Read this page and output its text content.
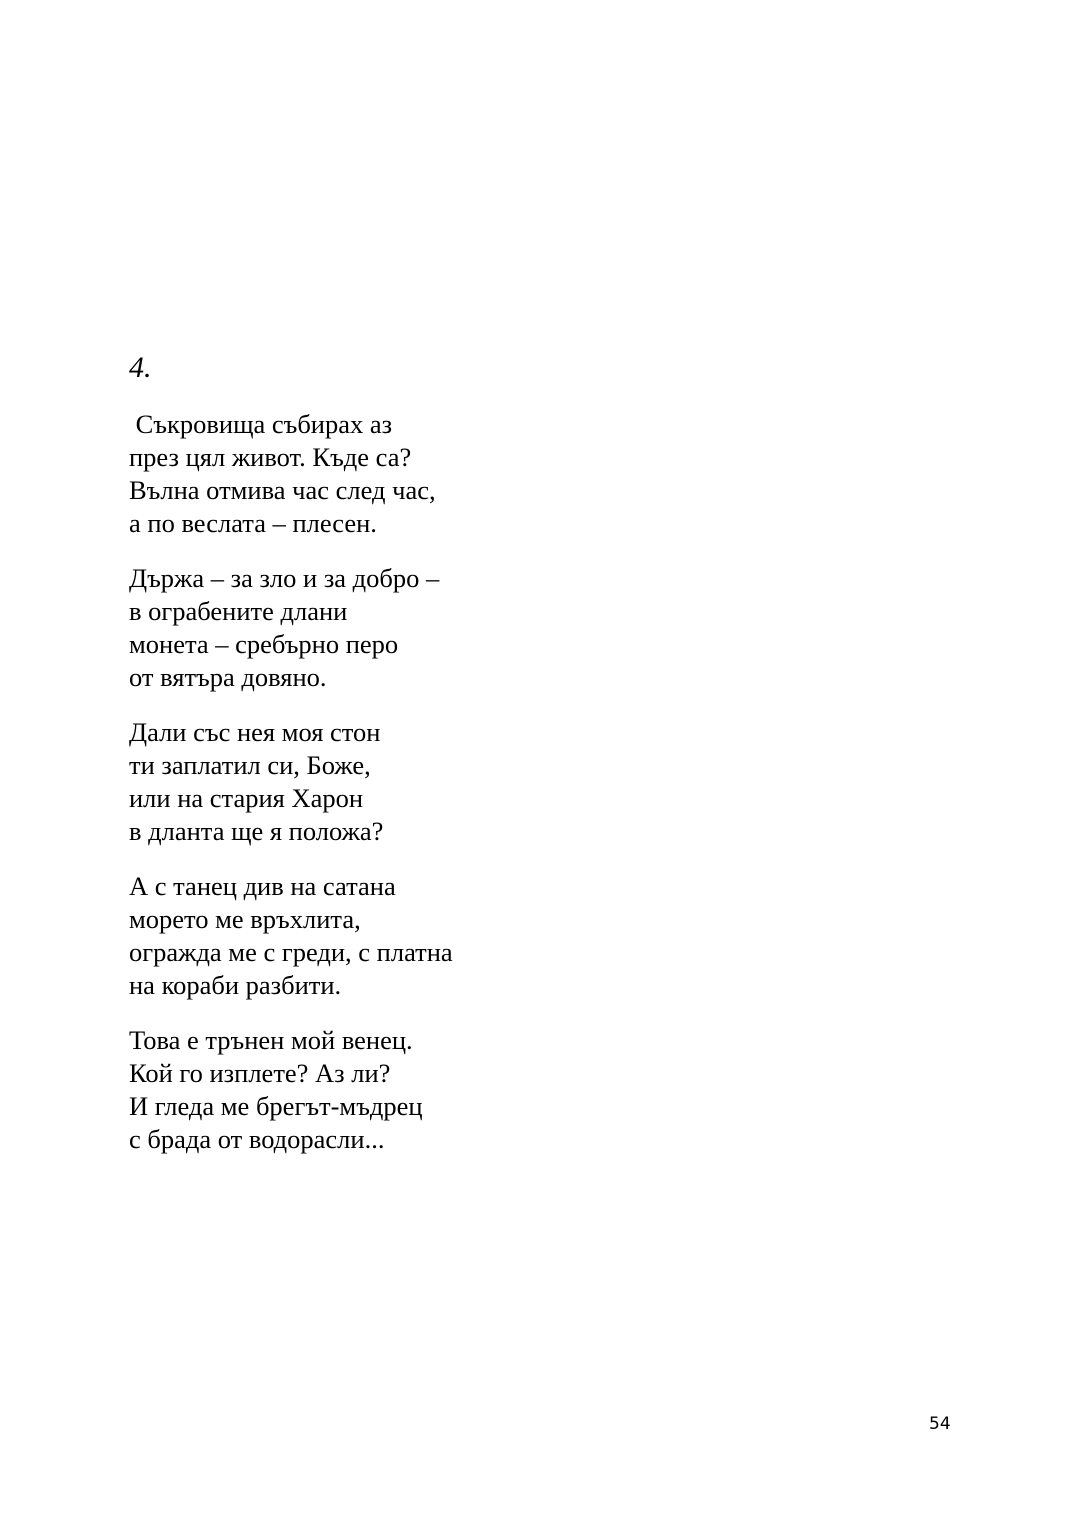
4.
Съкровища събирах аз
през цял живот. Къде са?
Вълна отмива час след час,
а по веслата – плесен.
Държа – за зло и за добро –
в ограбените длани
монета – сребърно перо
от вятъра довяно.
Дали със нея моя стон
ти заплатил си, Боже,
или на стария Харон
в дланта ще я положа?
А с танец див на сатана
морето ме връхлита,
огражда ме с греди, с платна
на кораби разбити.
Това е трънен мой венец.
Кой го изплете? Аз ли?
И гледа ме брегът-мъдрец
с брада от водорасли...
54
